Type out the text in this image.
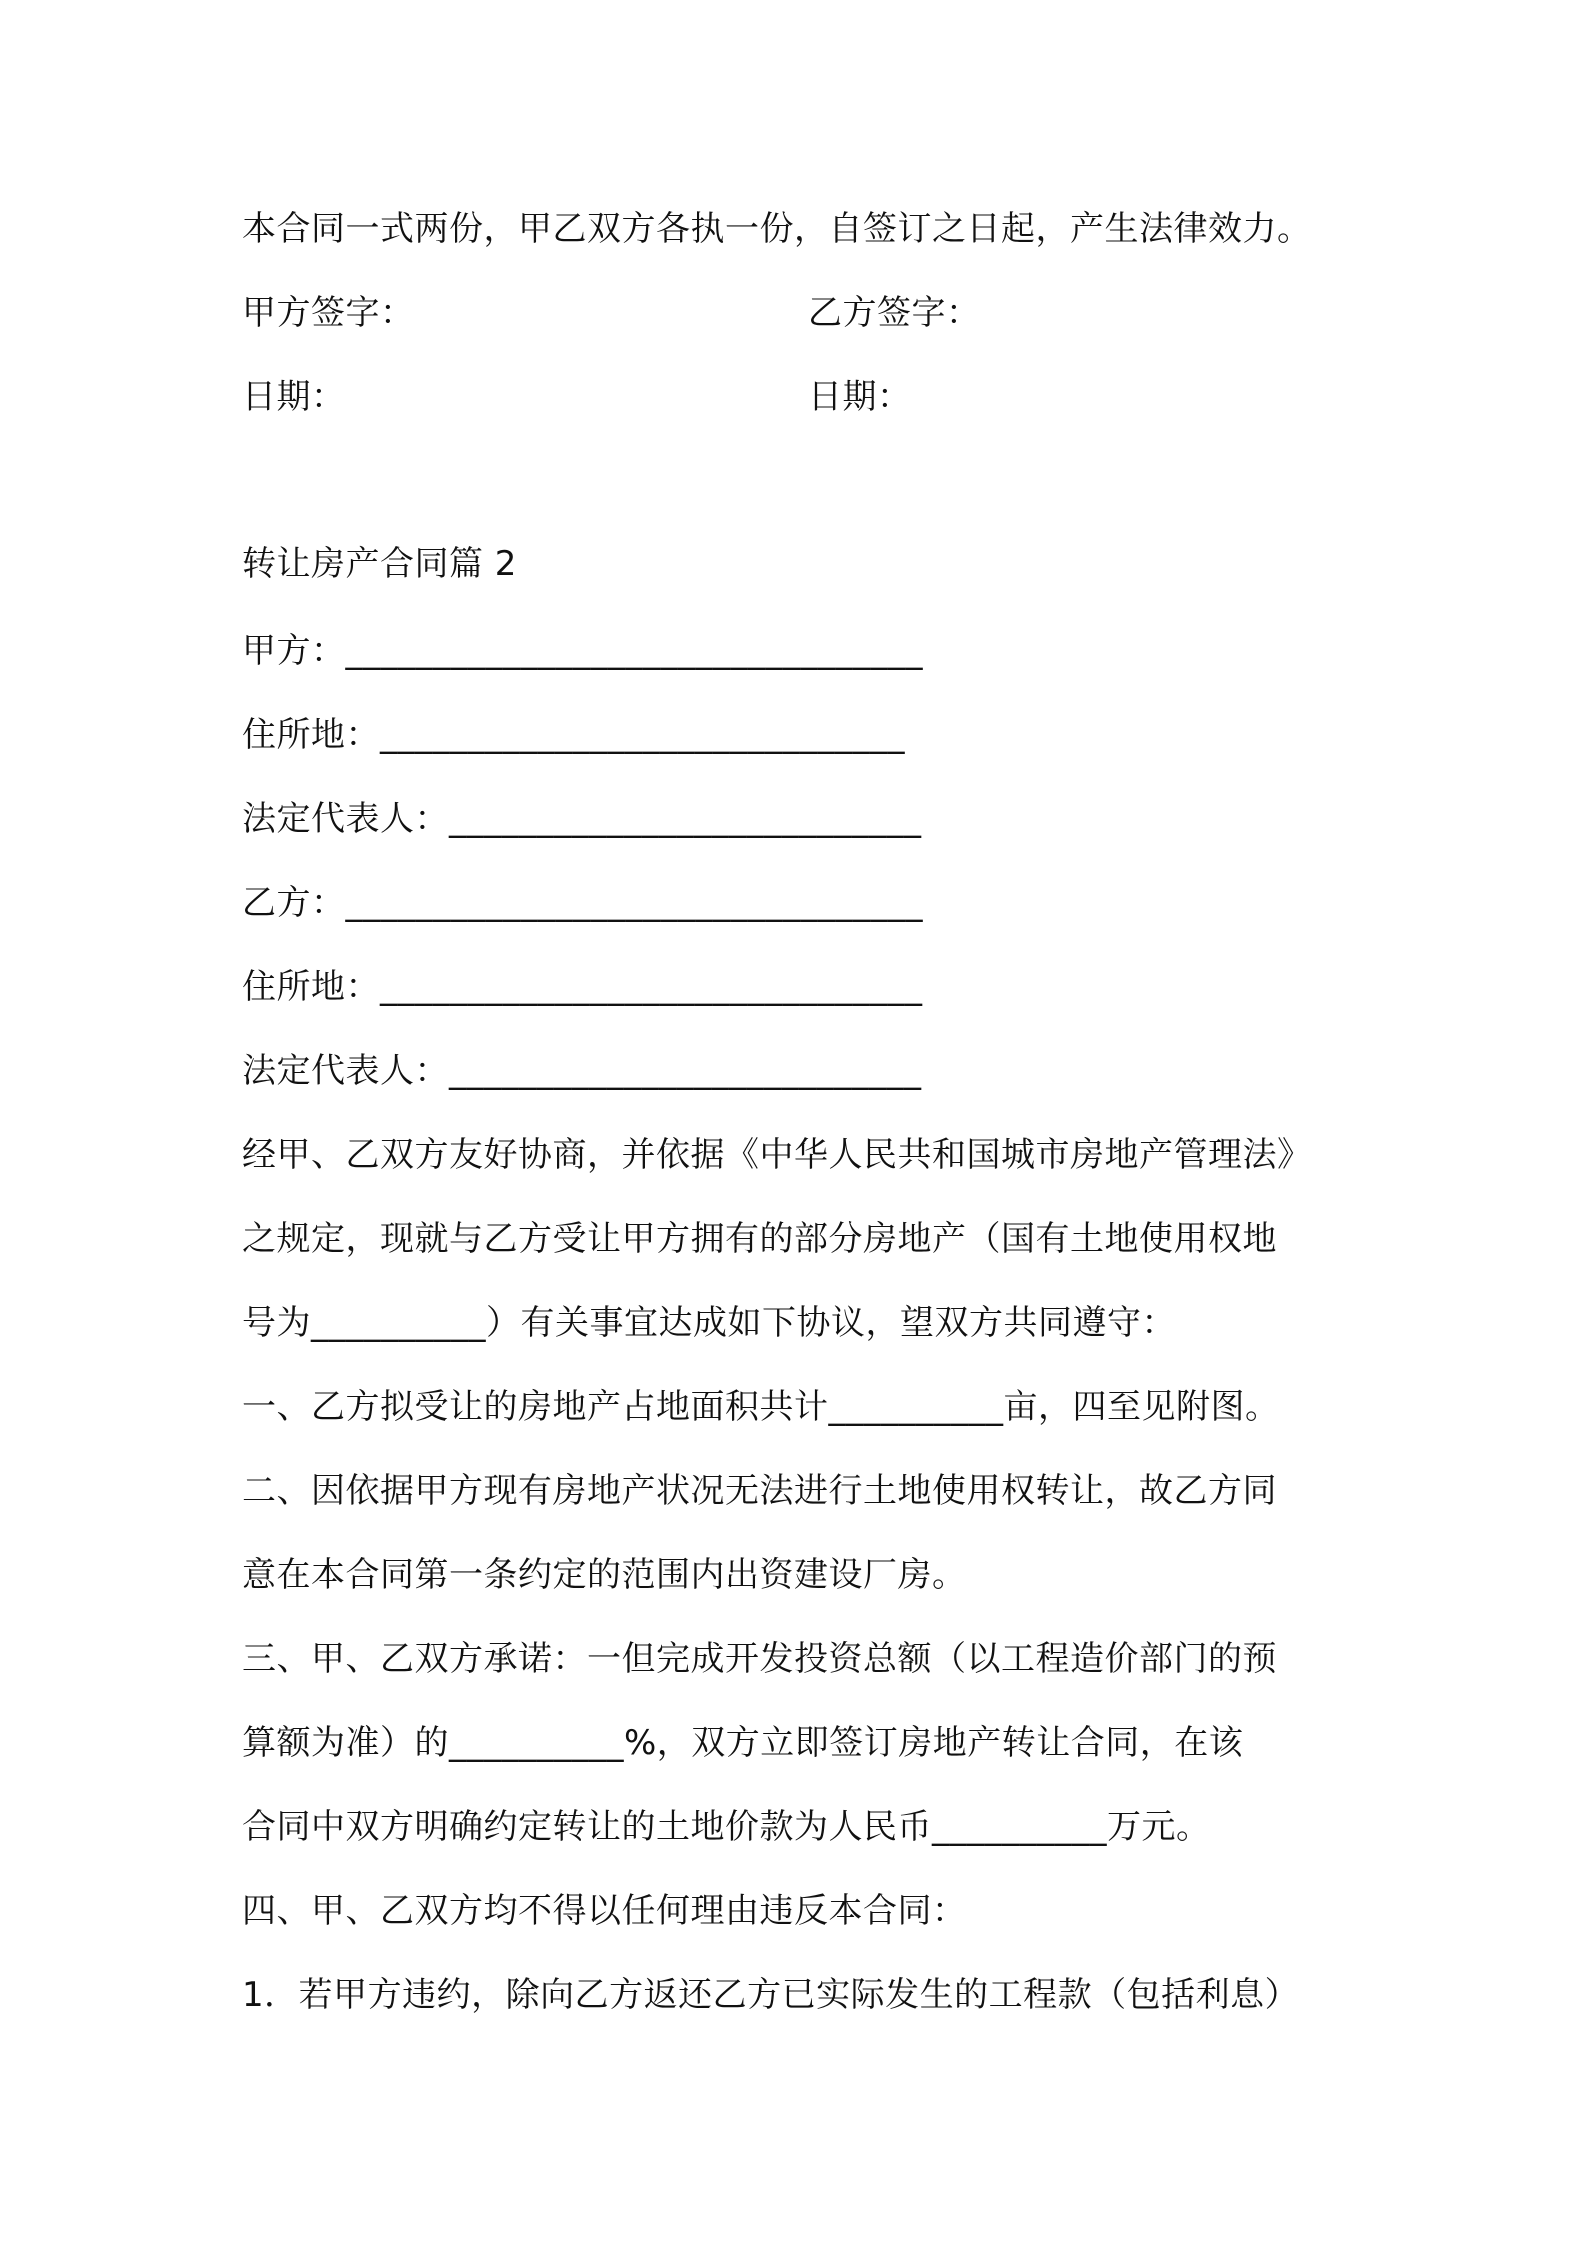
本合同一式两份，甲乙双方各执一份，自签订之日起，产生法律效力。
甲方签字：	乙方签字：
日期：	日期：
转让房产合同篇 2
甲方：_________________________________
住所地：______________________________
法定代表人：___________________________
乙方：_________________________________
住所地：_______________________________
法定代表人：___________________________
经甲、乙双方友好协商，并依据《中华人民共和国城市房地产管理法》
之规定，现就与乙方受让甲方拥有的部分房地产（国有土地使用权地
号为__________）有关事宜达成如下协议，望双方共同遵守：
一、乙方拟受让的房地产占地面积共计__________亩，四至见附图。
二、因依据甲方现有房地产状况无法进行土地使用权转让，故乙方同
意在本合同第一条约定的范围内出资建设厂房。
三、甲、乙双方承诺：一但完成开发投资总额（以工程造价部门的预
算额为准）的__________%，双方立即签订房地产转让合同，在该
合同中双方明确约定转让的土地价款为人民币__________万元。
四、甲、乙双方均不得以任何理由违反本合同：
1．若甲方违约，除向乙方返还乙方已实际发生的工程款（包括利息）
